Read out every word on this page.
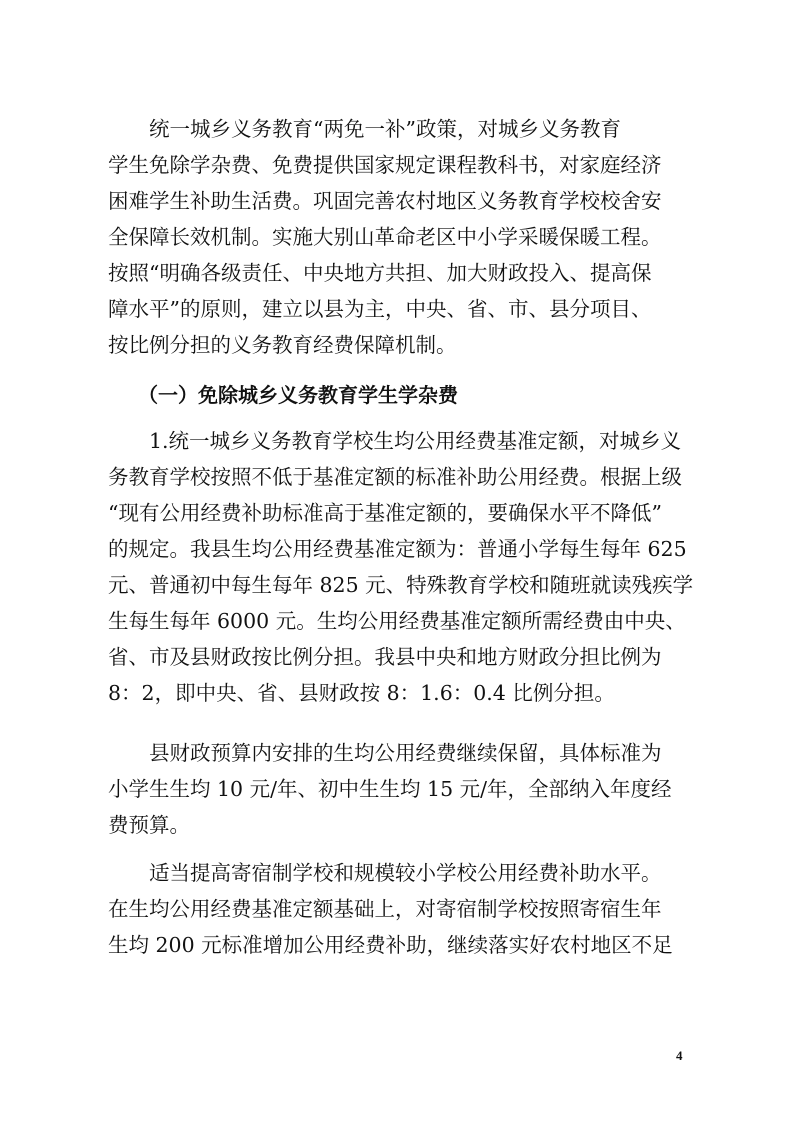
　　统一城乡义务教育“两免一补”政策，对城乡义务教育
学生免除学杂费、免费提供国家规定课程教科书，对家庭经济
困难学生补助生活费。巩固完善农村地区义务教育学校校舍安
全保障长效机制。实施大别山革命老区中小学采暖保暖工程。
按照“明确各级责任、中央地方共担、加大财政投入、提高保
障水平”的原则，建立以县为主，中央、省、市、县分项目、
按比例分担的义务教育经费保障机制。
　　（一）免除城乡义务教育学生学杂费
　　1.统一城乡义务教育学校生均公用经费基准定额，对城乡义
务教育学校按照不低于基准定额的标准补助公用经费。根据上级
“现有公用经费补助标准高于基准定额的，要确保水平不降低”
的规定。我县生均公用经费基准定额为：普通小学每生每年 625
元、普通初中每生每年 825 元、特殊教育学校和随班就读残疾学
生每生每年 6000 元。生均公用经费基准定额所需经费由中央、
省、市及县财政按比例分担。我县中央和地方财政分担比例为
8：2，即中央、省、县财政按 8：1.6：0.4 比例分担。
　　县财政预算内安排的生均公用经费继续保留，具体标准为
小学生生均 10 元/年、初中生生均 15 元/年，全部纳入年度经
费预算。
　　适当提高寄宿制学校和规模较小学校公用经费补助水平。
在生均公用经费基准定额基础上，对寄宿制学校按照寄宿生年
生均 200 元标准增加公用经费补助，继续落实好农村地区不足
4
